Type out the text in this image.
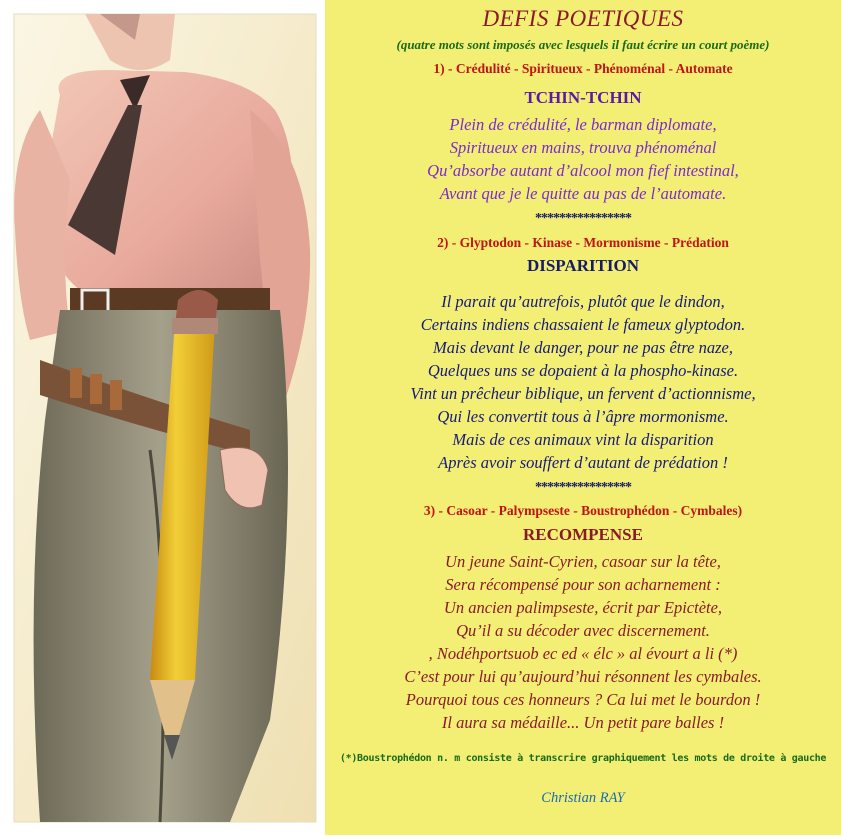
DEFIS POETIQUES
(quatre mots sont imposés avec lesquels il faut écrire un court poème)
1) - Crédulité - Spiritueux - Phénoménal - Automate
TCHIN-TCHIN
Plein de crédulité, le barman diplomate,
Spiritueux en mains, trouva phénoménal
Qu’absorbe autant d’alcool mon fief intestinal,
Avant que je le quitte au pas de l’automate.
****************
2) - Glyptodon - Kinase - Mormonisme - Prédation
DISPARITION
Il parait qu’autrefois, plutôt que le dindon,
Certains indiens chassaient le fameux glyptodon.
Mais devant le danger, pour ne pas être naze,
Quelques uns se dopaient à la phospho-kinase.
Vint un prêcheur biblique, un fervent d’actionnisme,
Qui les convertit tous à l’âpre mormonisme.
Mais de ces animaux vint la disparition
Après avoir souffert d’autant de prédation !
****************
3) - Casoar - Palympseste - Boustrophédon - Cymbales)
RECOMPENSE
Un jeune Saint-Cyrien, casoar sur la tête,
Sera récompensé pour son acharnement :
Un ancien palimpseste, écrit par Epictète,
Qu’il a su décoder avec discernement.
, Nodéhportsuob ec ed « élc » al évourt a li (*)
C’est pour lui qu’aujourd’hui résonnent les cymbales.
Pourquoi tous ces honneurs ? Ca lui met le bourdon !
Il aura sa médaille... Un petit pare balles !
(*)Boustrophédon n. m consiste à transcrire graphiquement les mots de droite à gauche
Christian RAY
